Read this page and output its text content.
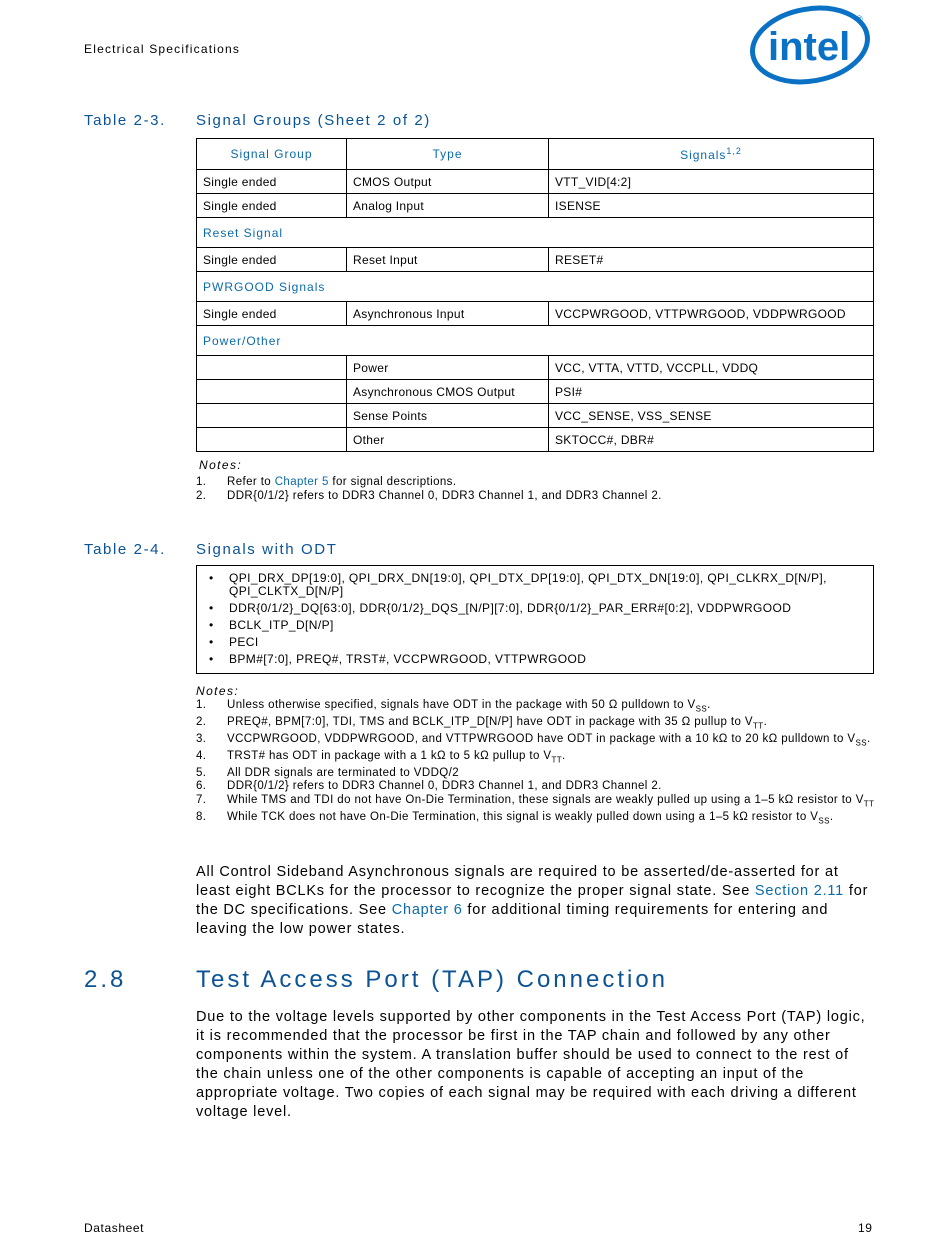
Electrical Specifications	intel
®
Table 2-3. Signal Groups (Sheet 2 of 2)
Signal Group	Type	Signals$^{1,2}$
Single ended	CMOS Output	VTT_VID[4:2]
Single ended	Analog Input	ISENSE
Reset Signal		
Single ended	Reset Input	RESET#
PWRGOOD Signals		
Single ended	Asynchronous Input	VCCPWRGOOD, VTTPWRGOOD, VDDPWRGOOD
Power/Other		
	Power	VCC, VTTA, VTTD, VCCPLL, VDDQ
	Asynchronous CMOS Output	PSI#
	Sense Points	VCC_SENSE, VSS_SENSE
	Other	SKTOCC#, DBR#
Notes:
1. Refer to Chapter 5 for signal descriptions.
2. DDR{0/1/2} refers to DDR3 Channel 0, DDR3 Channel 1, and DDR3 Channel 2.
Table 2-4. Signals with ODT
• QPI_DRX_DP[19:0], QPI_DRX_DN[19:0], QPI_DTX_DP[19:0], QPI_DTX_DN[19:0], QPI_CLKRX_D[N/P], QPI_CLKTX_D[N/P]
• DDR{0/1/2}_DQ[63:0], DDR{0/1/2}_DQS_[N/P][7:0], DDR{0/1/2}_PAR_ERR#[0:2], VDDPWRGOOD
• BCLK_ITP_D[N/P]
• PECI
• BPM#[7:0], PREQ#, TRST#, VCCPWRGOOD, VTTPWRGOOD
Notes:
1. Unless otherwise specified, signals have ODT in the package with 50 Ω pulldown to $V_{SS}$.
2. PREQ#, BPM[7:0], TDI, TMS and BCLK_ITP_D[N/P] have ODT in package with 35 Ω pullup to $V_{TT}$.
3. VCCPWRGOOD, VDDPWRGOOD, and VTTPWRGOOD have ODT in package with a 10 kΩ to 20 kΩ pulldown to $V_{SS}$.
4. TRST# has ODT in package with a 1 kΩ to 5 kΩ pullup to $V_{TT}$.
5. All DDR signals are terminated to VDDQ/2
6. DDR{0/1/2} refers to DDR3 Channel 0, DDR3 Channel 1, and DDR3 Channel 2.
7. While TMS and TDI do not have On-Die Termination, these signals are weakly pulled up using a 1–5 kΩ resistor to $V_{TT}$
8. While TCK does not have On-Die Termination, this signal is weakly pulled down using a 1–5 kΩ resistor to $V_{SS}$.
All Control Sideband Asynchronous signals are required to be asserted/de-asserted for at least eight BCLKs for the processor to recognize the proper signal state. See Section 2.11 for the DC specifications. See Chapter 6 for additional timing requirements for entering and leaving the low power states.
2.8	Test Access Port (TAP) Connection
Due to the voltage levels supported by other components in the Test Access Port (TAP) logic, it is recommended that the processor be first in the TAP chain and followed by any other components within the system. A translation buffer should be used to connect to the rest of the chain unless one of the other components is capable of accepting an input of the appropriate voltage. Two copies of each signal may be required with each driving a different voltage level.
Datasheet	19
